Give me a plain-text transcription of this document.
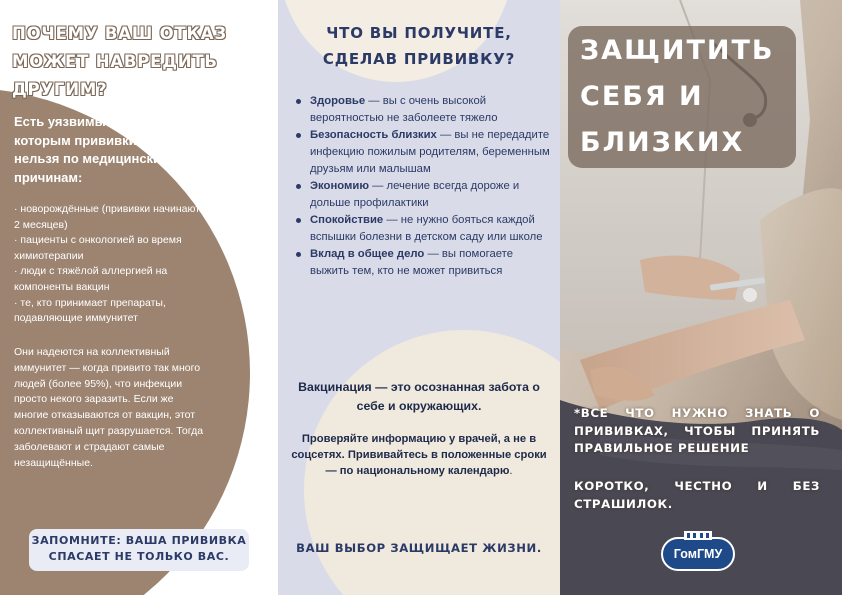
ПОЧЕМУ ВАШ ОТКАЗ
МОЖЕТ НАВРЕДИТЬ
ДРУГИМ?
Есть уязвимые люди, которым прививки делать нельзя по медицинским причинам:
· новорождённые (прививки начинают с 2 месяцев)
· пациенты с онкологией во время химиотерапии
· люди с тяжёлой аллергией на компоненты вакцин
· те, кто принимает препараты, подавляющие иммунитет
Они надеются на коллективный иммунитет — когда привито так много людей (более 95%), что инфекции просто некого заразить. Если же многие отказываются от вакцин, этот коллективный щит разрушается. Тогда заболевают и страдают самые незащищённые.
ЗАПОМНИТЕ: ВАША ПРИВИВКА
СПАСАЕТ НЕ ТОЛЬКО ВАС.
ЧТО ВЫ ПОЛУЧИТЕ,
СДЕЛАВ ПРИВИВКУ?
Здоровье — вы с очень высокой вероятностью не заболеете тяжело
Безопасность близких — вы не передадите инфекцию пожилым родителям, беременным друзьям или малышам
Экономию — лечение всегда дороже и дольше профилактики
Спокойствие — не нужно бояться каждой вспышки болезни в детском саду или школе
Вклад в общее дело — вы помогаете выжить тем, кто не может привиться
Вакцинация — это осознанная забота о себе и окружающих.
Проверяйте информацию у врачей, а не в соцсетях. Прививайтесь в положенные сроки — по национальному календарю.
ВАШ ВЫБОР ЗАЩИЩАЕТ ЖИЗНИ.
ЗАЩИТИТЬ
СЕБЯ И
БЛИЗКИХ
*ВСЕ ЧТО НУЖНО ЗНАТЬ О ПРИВИВКАХ, ЧТОБЫ ПРИНЯТЬ ПРАВИЛЬНОЕ РЕШЕНИЕ
КОРОТКО, ЧЕСТНО И БЕЗ СТРАШИЛОК.
ГомГМУ
